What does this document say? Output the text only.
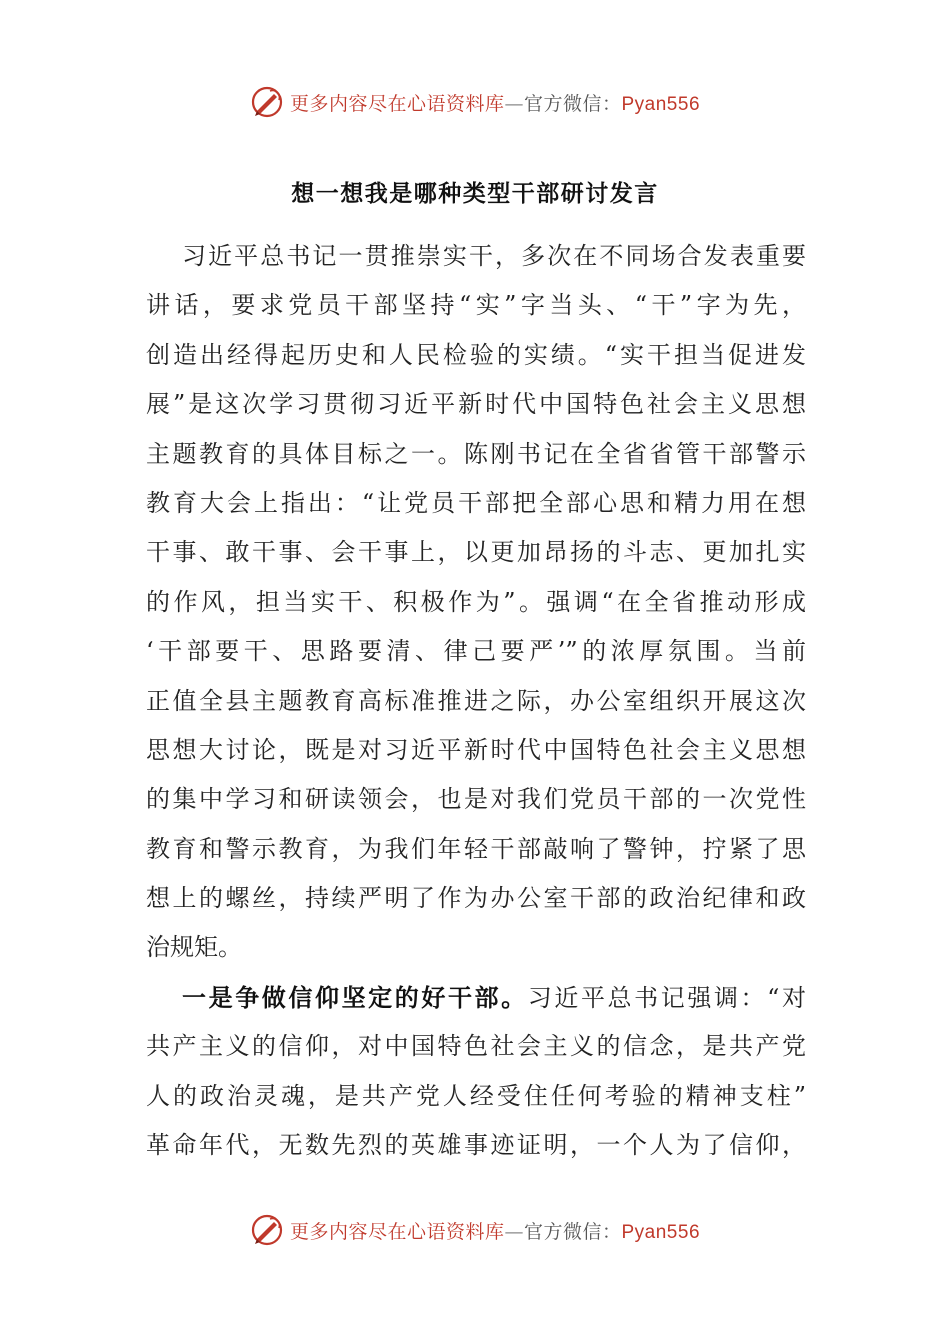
更多内容尽在心语资料库—官方微信：Pyan556
想一想我是哪种类型干部研讨发言
习近平总书记一贯推崇实干，多次在不同场合发表重要
讲话，要求党员干部坚持“实”字当头、“干”字为先，
创造出经得起历史和人民检验的实绩。“实干担当促进发
展”是这次学习贯彻习近平新时代中国特色社会主义思想
主题教育的具体目标之一。陈刚书记在全省省管干部警示
教育大会上指出：“让党员干部把全部心思和精力用在想
干事、敢干事、会干事上，以更加昂扬的斗志、更加扎实
的作风，担当实干、积极作为”。强调“在全省推动形成
‘干部要干、思路要清、律己要严’”的浓厚氛围。当前
正值全县主题教育高标准推进之际，办公室组织开展这次
思想大讨论，既是对习近平新时代中国特色社会主义思想
的集中学习和研读领会，也是对我们党员干部的一次党性
教育和警示教育，为我们年轻干部敲响了警钟，拧紧了思
想上的螺丝，持续严明了作为办公室干部的政治纪律和政
治规矩。
一是争做信仰坚定的好干部。习近平总书记强调：“对
共产主义的信仰，对中国特色社会主义的信念，是共产党
人的政治灵魂，是共产党人经受住任何考验的精神支柱”
革命年代，无数先烈的英雄事迹证明，一个人为了信仰，
更多内容尽在心语资料库—官方微信：Pyan556
